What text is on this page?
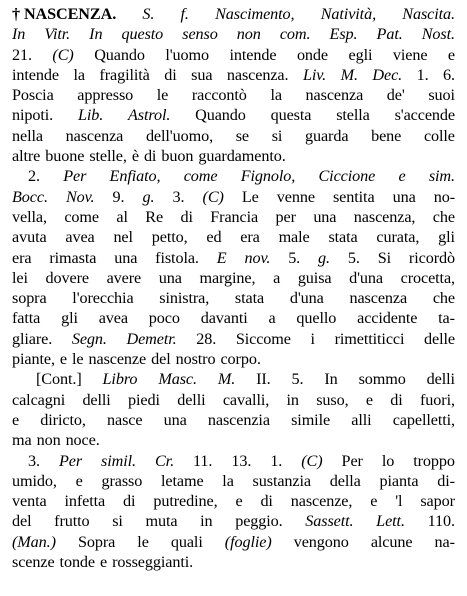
† NASCENZA. S. f. Nascimento, Natività, Nascita.
In Vitr. In questo senso non com. Esp. Pat. Nost.
21. (C) Quando l'uomo intende onde egli viene e
intende la fragilità di sua nascenza. Liv. M. Dec. 1. 6.
Poscia appresso le raccontò la nascenza de' suoi
nipoti. Lib. Astrol. Quando questa stella s'accende
nella nascenza dell'uomo, se si guarda bene colle
altre buone stelle, è di buon guardamento.
2. Per Enfiato, come Fignolo, Ciccione e sim.
Bocc. Nov. 9. g. 3. (C) Le venne sentita una no-
vella, come al Re di Francia per una nascenza, che
avuta avea nel petto, ed era male stata curata, gli
era rimasta una fistola. E nov. 5. g. 5. Si ricordò
lei dovere avere una margine, a guisa d'una crocetta,
sopra l'orecchia sinistra, stata d'una nascenza che
fatta gli avea poco davanti a quello accidente ta-
gliare. Segn. Demetr. 28. Siccome i rimettiticci delle
piante, e le nascenze del nostro corpo.
[Cont.] Libro Masc. M. II. 5. In sommo delli
calcagni delli piedi delli cavalli, in suso, e di fuori,
e diricto, nasce una nascenzia simile alli capelletti,
ma non noce.
3. Per simil. Cr. 11. 13. 1. (C) Per lo troppo
umido, e grasso letame la sustanzia della pianta di-
venta infetta di putredine, e di nascenze, e 'l sapor
del frutto si muta in peggio. Sassett. Lett. 110.
(Man.) Sopra le quali (foglie) vengono alcune na-
scenze tonde e rosseggianti.
